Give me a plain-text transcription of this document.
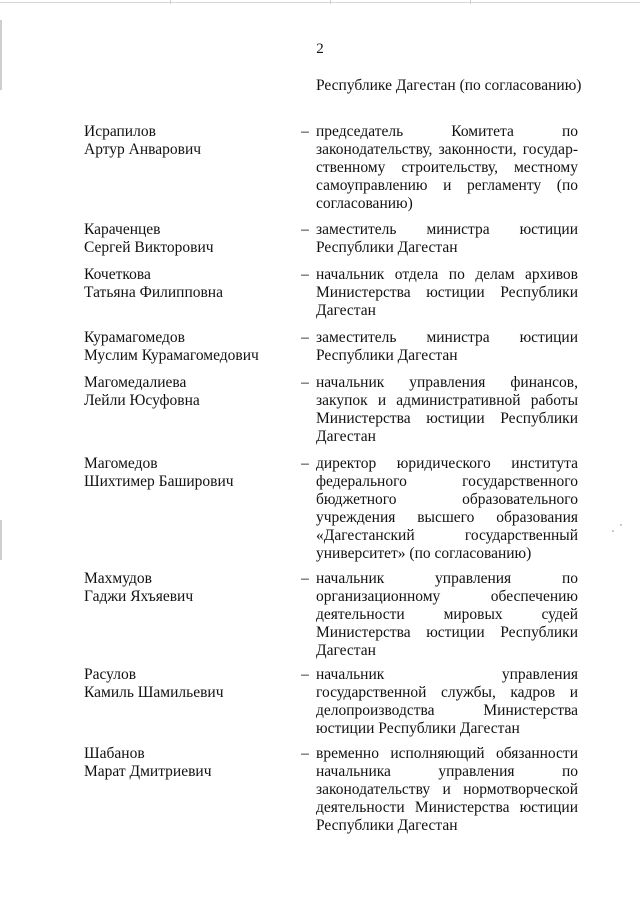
2
Республике Дагестан (по согласованию)
Исрапилов
Артур Анварович
– председатель Комитета по законодательству, законности, государственному строительству, местному самоуправлению и регламенту (по согласованию)
Караченцев
Сергей Викторович
– заместитель министра юстиции Республики Дагестан
Кочеткова
Татьяна Филипповна
– начальник отдела по делам архивов Министерства юстиции Республики Дагестан
Курамагомедов
Муслим Курамагомедович
– заместитель министра юстиции Республики Дагестан
Магомедалиева
Лейли Юсуфовна
– начальник управления финансов, закупок и административной работы Министерства юстиции Республики Дагестан
Магомедов
Шихтимер Баширович
– директор юридического института федерального государственного бюджетного образовательного учреждения высшего образования «Дагестанский государственный университет» (по согласованию)
Махмудов
Гаджи Яхъяевич
– начальник управления по организационному обеспечению деятельности мировых судей Министерства юстиции Республики Дагестан
Расулов
Камиль Шамильевич
– начальник управления государственной службы, кадров и делопроизводства Министерства юстиции Республики Дагестан
Шабанов
Марат Дмитриевич
– временно исполняющий обязанности начальника управления по законодательству и нормотворческой деятельности Министерства юстиции Республики Дагестан
